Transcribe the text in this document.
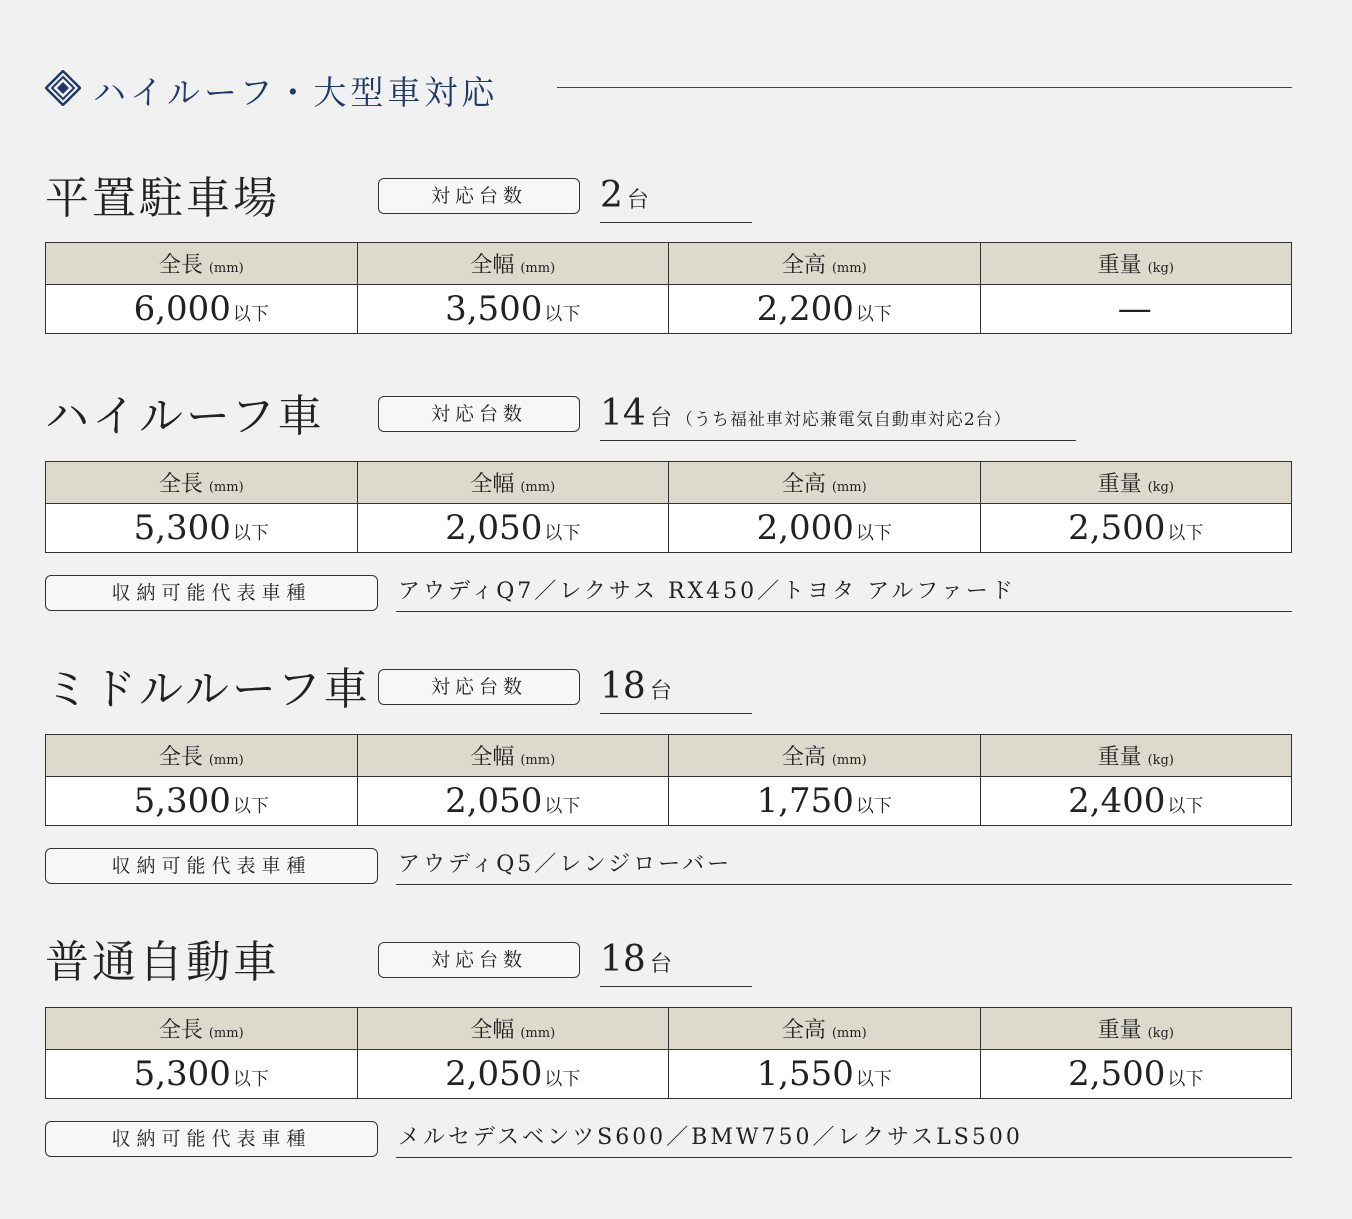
ハイルーフ・大型車対応
平置駐車場	対応台数	2 台
全長 (mm)	全幅 (mm)	全高 (mm)	重量 (kg)
6,000 以下	3,500 以下	2,200 以下	—
ハイルーフ車	対応台数	14 台 （うち福祉車対応兼電気自動車対応2台）
全長 (mm)	全幅 (mm)	全高 (mm)	重量 (kg)
5,300 以下	2,050 以下	2,000 以下	2,500 以下
収納可能代表車種	アウディQ7／レクサス RX450／トヨタ アルファード
ミドルルーフ車	対応台数	18 台
全長 (mm)	全幅 (mm)	全高 (mm)	重量 (kg)
5,300 以下	2,050 以下	1,750 以下	2,400 以下
収納可能代表車種	アウディQ5／レンジローバー
普通自動車	対応台数	18 台
全長 (mm)	全幅 (mm)	全高 (mm)	重量 (kg)
5,300 以下	2,050 以下	1,550 以下	2,500 以下
収納可能代表車種	メルセデスベンツS600／BMW750／レクサスLS500
